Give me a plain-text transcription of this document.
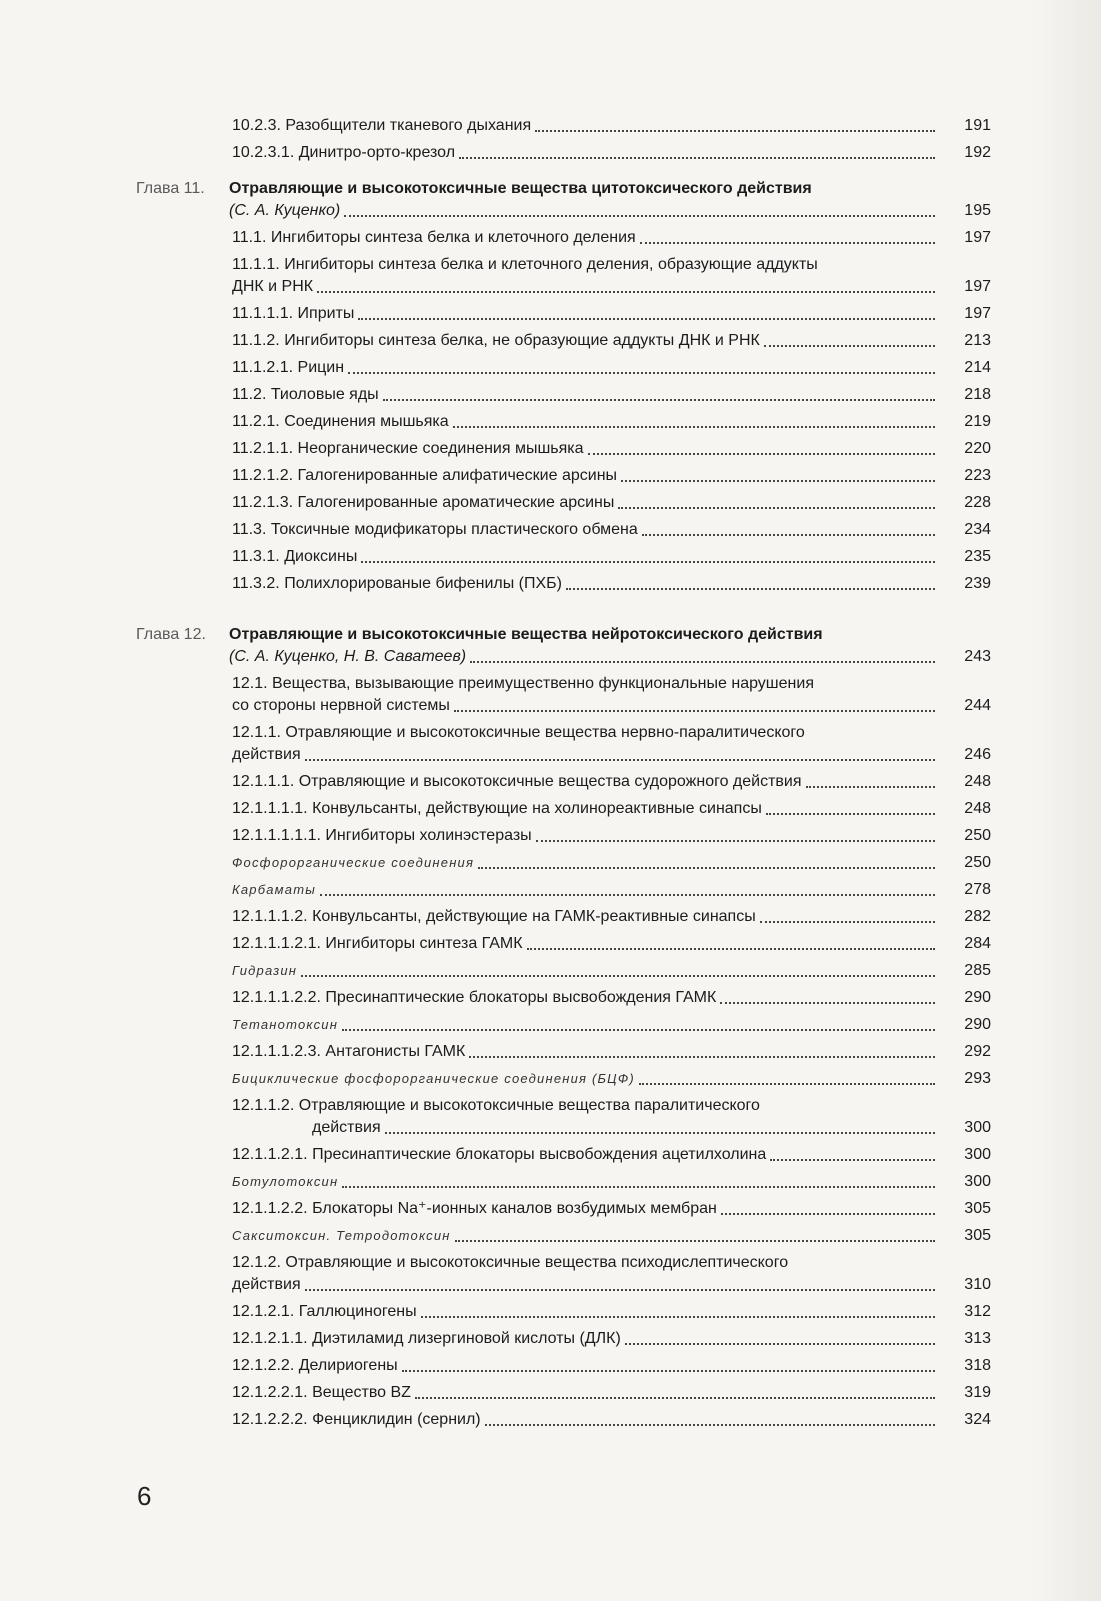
10.2.3. Разобщители тканевого дыхания	191
10.2.3.1. Динитро-орто-крезол	192
Глава 11. Отравляющие и высокотоксичные вещества цитотоксического действия
(С. А. Куценко)	195
11.1. Ингибиторы синтеза белка и клеточного деления	197
11.1.1. Ингибиторы синтеза белка и клеточного деления, образующие аддукты
ДНК и РНК	197
11.1.1.1. Иприты	197
11.1.2. Ингибиторы синтеза белка, не образующие аддукты ДНК и РНК	213
11.1.2.1. Рицин	214
11.2. Тиоловые яды	218
11.2.1. Соединения мышьяка	219
11.2.1.1. Неорганические соединения мышьяка	220
11.2.1.2. Галогенированные алифатические арсины	223
11.2.1.3. Галогенированные ароматические арсины	228
11.3. Токсичные модификаторы пластического обмена	234
11.3.1. Диоксины	235
11.3.2. Полихлорированые бифенилы (ПХБ)	239
Глава 12. Отравляющие и высокотоксичные вещества нейротоксического действия
(С. А. Куценко, Н. В. Саватеев)	243
12.1. Вещества, вызывающие преимущественно функциональные нарушения
со стороны нервной системы	244
12.1.1. Отравляющие и высокотоксичные вещества нервно-паралитического
действия	246
12.1.1.1. Отравляющие и высокотоксичные вещества судорожного действия	248
12.1.1.1.1. Конвульсанты, действующие на холинореактивные синапсы	248
12.1.1.1.1.1. Ингибиторы холинэстеразы	250
Фосфорорганические соединения	250
Карбаматы	278
12.1.1.1.2. Конвульсанты, действующие на ГАМК-реактивные синапсы	282
12.1.1.1.2.1. Ингибиторы синтеза ГАМК	284
Гидразин	285
12.1.1.1.2.2. Пресинаптические блокаторы высвобождения ГАМК	290
Тетанотоксин	290
12.1.1.1.2.3. Антагонисты ГАМК	292
Бициклические фосфорорганические соединения (БЦФ)	293
12.1.1.2. Отравляющие и высокотоксичные вещества паралитического
действия	300
12.1.1.2.1. Пресинаптические блокаторы высвобождения ацетилхолина	300
Ботулотоксин	300
12.1.1.2.2. Блокаторы Na⁺-ионных каналов возбудимых мембран	305
Сакситоксин. Тетродотоксин	305
12.1.2. Отравляющие и высокотоксичные вещества психодислептического
действия	310
12.1.2.1. Галлюциногены	312
12.1.2.1.1. Диэтиламид лизергиновой кислоты (ДЛК)	313
12.1.2.2. Делириогены	318
12.1.2.2.1. Вещество BZ	319
12.1.2.2.2. Фенциклидин (сернил)	324
6
